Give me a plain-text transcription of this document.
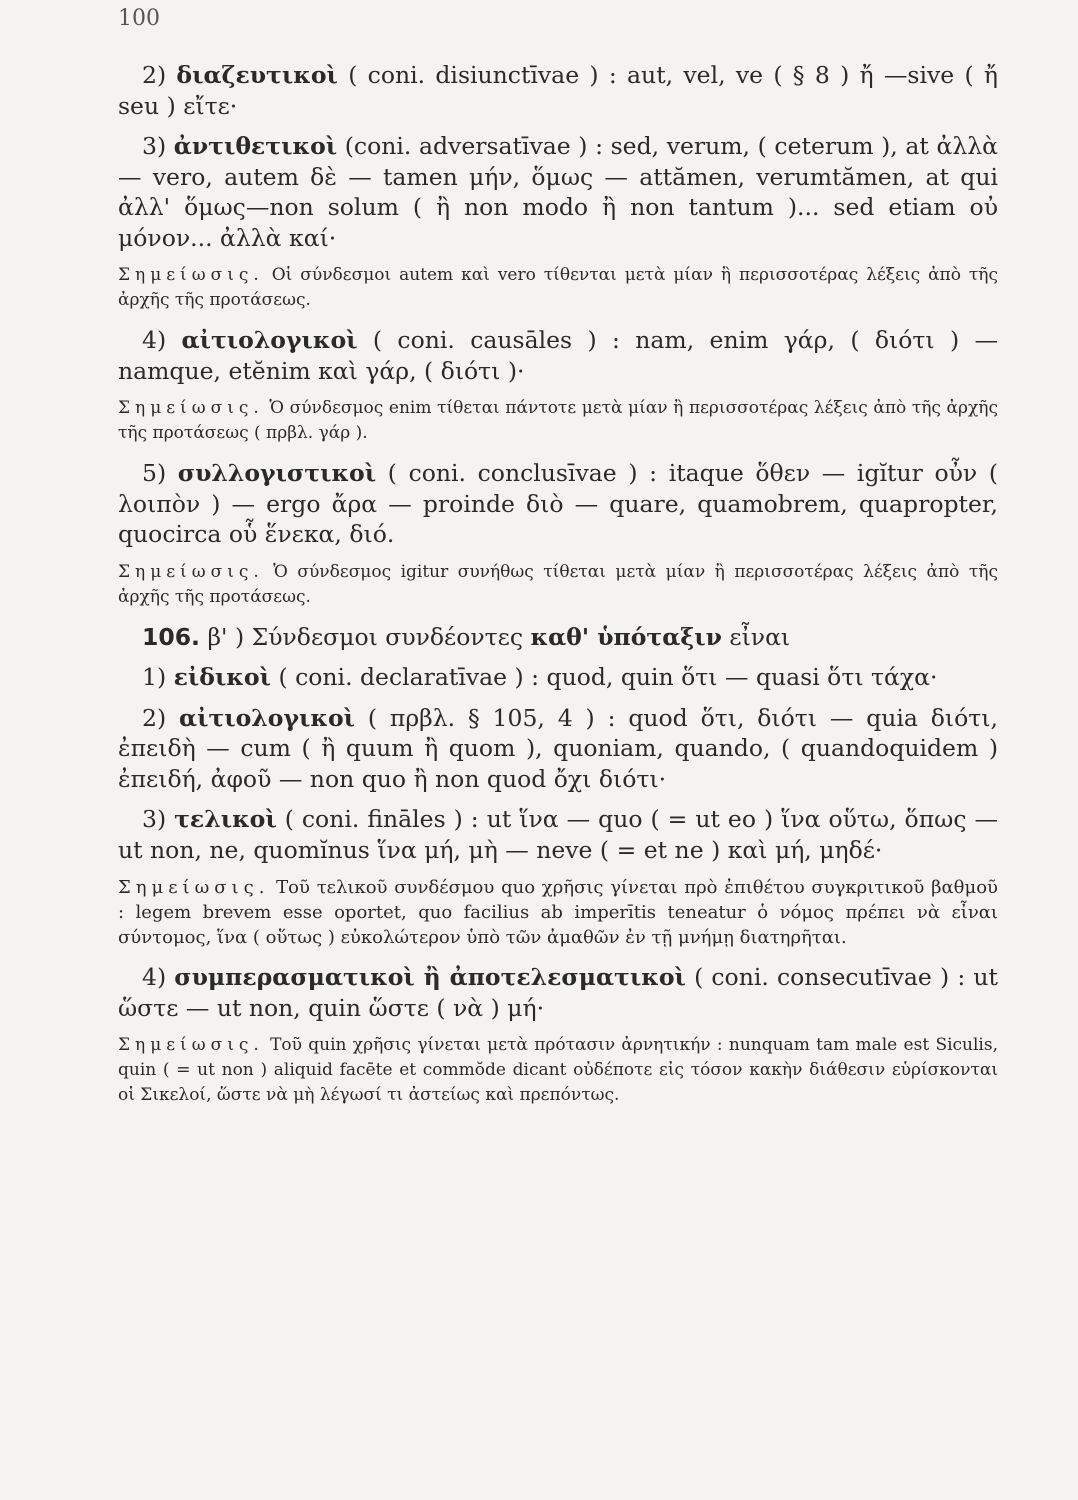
100

2) διαζευτικοὶ ( coni. disiunctīvae ) : aut, vel, ve ( § 8 ) ἤ —sive ( ἤ seu ) εἴτε·

3) ἀντιθετικοὶ (coni. adversatīvae ) : sed, verum, ( ceterum ), at ἀλλὰ — vero, autem δὲ — tamen μήν, ὅμως — attămen, verumtămen, at qui ἀλλ' ὅμως—non solum ( ἢ non modo ἢ non tantum )... sed etiam οὐ μόνον... ἀλλὰ καί·

Σημείωσις. Οἱ σύνδεσμοι autem καὶ vero τίθενται μετὰ μίαν ἢ περισσοτέρας λέξεις ἀπὸ τῆς ἀρχῆς τῆς προτάσεως.

4) αἰτιολογικοὶ ( coni. causāles ) : nam, enim γάρ, ( διότι ) — namque, etĕnim καὶ γάρ, ( διότι )·

Σημείωσις. Ὁ σύνδεσμος enim τίθεται πάντοτε μετὰ μίαν ἢ περισσοτέρας λέξεις ἀπὸ τῆς ἀρχῆς τῆς προτάσεως ( πρβλ. γάρ ).

5) συλλογιστικοὶ ( coni. conclusīvae ) : itaque ὅθεν — igĭtur οὖν ( λοιπὸν ) — ergo ἄρα — proinde διὸ — quare, quamobrem, quapropter, quocirca οὗ ἕνεκα, διό.

Σημείωσις. Ὁ σύνδεσμος igitur συνήθως τίθεται μετὰ μίαν ἢ περισσοτέρας λέξεις ἀπὸ τῆς ἀρχῆς τῆς προτάσεως.

106. β' ) Σύνδεσμοι συνδέοντες καθ' ὑπόταξιν εἶναι

1) εἰδικοὶ ( coni. declaratīvae ) : quod, quin ὅτι — quasi ὅτι τάχα·

2) αἰτιολογικοὶ ( πρβλ. § 105, 4 ) : quod ὅτι, διότι — quia διότι, ἐπειδὴ — cum ( ἢ quum ἢ quom ), quoniam, quando, ( quandoquidem ) ἐπειδή, ἀφοῦ — non quo ἢ non quod ὄχι διότι·

3) τελικοὶ ( coni. fināles ) : ut ἵνα — quo ( = ut eo ) ἵνα οὕτω, ὅπως — ut non, ne, quomĭnus ἵνα μή, μὴ — neve ( = et ne ) καὶ μή, μηδέ·

Σημείωσις. Τοῦ τελικοῦ συνδέσμου quo χρῆσις γίνεται πρὸ ἐπιθέτου συγκριτικοῦ βαθμοῦ : legem brevem esse oportet, quo facilius ab imperītis teneatur ὁ νόμος πρέπει νὰ εἶναι σύντομος, ἵνα ( οὕτως ) εὐκολώτερον ὑπὸ τῶν ἀμαθῶν ἐν τῇ μνήμῃ διατηρῆται.

4) συμπερασματικοὶ ἢ ἀποτελεσματικοὶ ( coni. consecutīvae ) : ut ὥστε — ut non, quin ὥστε ( νὰ ) μή·

Σημείωσις. Τοῦ quin χρῆσις γίνεται μετὰ πρότασιν ἀρνητικήν : nunquam tam male est Siculis, quin ( = ut non ) aliquid facēte et commŏde dicant οὐδέποτε εἰς τόσον κακὴν διάθεσιν εὑρίσκονται οἱ Σικελοί, ὥστε νὰ μὴ λέγωσί τι ἀστείως καὶ πρεπόντως.
